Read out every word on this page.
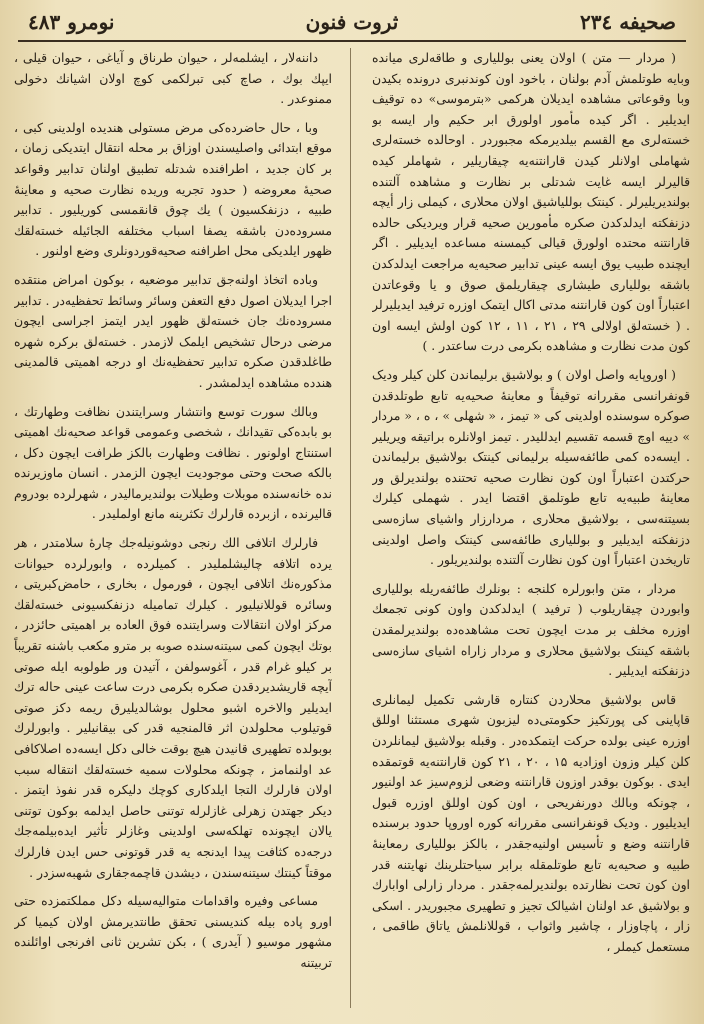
صحیفه ۲۳٤
ثروت فنون
نومرو ٤٨٣

( مردار — متن ) اولان یعنی بوللیاری و طاقه‌لری میانده وبایه طوتلمش آدم بولنان ، باخود اون کوندنبری درونده بکیدن وبا وقوعاتی مشاهده ایدیلان هرکمی «بترموسی» ده توقیف ایدیلیر . اگر کیده مأمور اولورق ابر حکیم وار ایسه بو خسته‌لری مع القسم بیلدیرمکه مجبوردر . اوحالده خسته‌لری شهاملی اولانلر کیدن قارانتنه‌یه چیقاریلیر ، شهاملر کیده قالیرلر ایسه غایت شدتلی بر نظارت و مشاهده آلتنده بولندیریلیرلر . کینتک بوللیاشیق اولان محلاری ، کیملی زار أیچه دزنفکته ایدلدکدن صکره مأمورین صحیه قرار ویردیکی حالده قارانتنه محتده اولورق قیالی کیمسنه مساعده ایدیلیر . اگر ایچنده طبیب یوق ایسه عینی تدابیر صحیه‌یه مراجعت ایدلدکدن باشقه بوللیاری طیشاری چیقاریلمق صوق و یا وقوعاتدن اعتباراً اون کون قارانتنه مدتی اکال ایتمک اوزره ترفید ایدیلیرلر . ( خسته‌لق اولالی ۲۹ ، ۲۱ ، ۱۱ ، ۱۲ کون اولش ایسه اون کون مدت نظارت و مشاهده بکرمی درت ساعتدر . )

( اوروپایه واصل اولان ) و بولاشیق برلیماندن کلن کیلر ودیک قونفرانسی مقررانه توقیفاً و معاینهٔ صحیه‌یه تابع طوتلدقدن صوکره سوسنده اولدینی کی « تیمز ، « شهلی » ، ه ، « مردار » دییه اوچ قسمه تقسیم ایدللیدر . تیمز اولانلره براتیقه ویریلیر . ایسه‌ده کمی طائفه‌سیله برلیمانی کینتک بولاشیق برلیماندن حرکتدن اعتباراً اون کون نظارت صحیه تحتنده بولندیرلق ور معاینهٔ طبیه‌یه تابع طوتلمق اقتضا ایدر . شهملی کیلرك بسیتنه‌سی ، بولاشیق محلاری ، مردارزار واشیای سازه‌سی دزنفکته ایدیلیر و بوللیاری طائفه‌سی کینتک واصل اولدینی تاریخدن اعتباراً اون کون نظارت آلتنده بولندیریلور .

مردار ، متن وابورلره کلنجه : بونلرك طائفه‌ریله بوللیاری وابوردن چیقاریلوب ( ترفید ) ایدلدکدن واون کونی تجمعك اوزره مخلف بر مدت ایچون تحت مشاهده‌ده بولندیرلمقدن باشقه کینتک بولاشیق محلاری و مردار زاراه اشیای سازه‌سی دزنفکته ایدیلیر .

قاس بولاشیق محلاردن کنتاره قارشی تکمیل لیمانلری قاپاینی کی پورتکیز حکومتی‌ده لیزبون شهری مستثنا اوللق اوزره عینی بولده حرکت ایتمکده‌در . وقبله بولاشیق لیمانلردن کلن کیلر وزون اوزادیه ۱۵ ، ۲۰ ، ۲۱ کون قارانتنه‌یه قوتمقده ایدی . بوکون بوقدر اوزون قارانتنه وضعی لزوم‌سیز عد اولنیور ، چونکه وبالك دورنفریحی ، اون کون اوللق اوزره قبول ایدیلیور . ودیک قونفرانسی مقررانه کوره اوروپا حدود برسنده قارانتنه وضع و تأسیس اولنیه‌جقدر ، بالکز بوللیاری رمعاینهٔ طبیه و صحیه‌یه تابع طوتلمقله برابر سیاحتلرینك نهایتنه قدر اون کون تحت نظارتده بولندیرلمه‌جقدر . مردار زارلی اوابارك و بولاشیق عد اولنان اشیالک تجیز و تطهیری مجبوریدر . اسکی زار ، پاچاوزار ، چاشیر واثواب ، قوللانلمش یاتاق طاقمی ، مستعمل کیملر ،

داننه‌لار ، ایشلمه‌لر ، حیوان طرناق و آیاغی ، حیوان قیلی ، ایپك بوك ، صاچ کبی تبرلکمی کوچ اولان اشیانك دخولی ممنوعدر .

وبا ، حال حاضرده‌کی مرض مستولی هندیده اولدینی کبی ، موقع ابتدائی واصلیسندن اوزاق بر محله انتقال ایتدیکی زمان ، بر کان جدید ، اطرافنده شدتله تطبیق اولنان تدابیر وقواعد صحیهٔ معروضه ( حدود تجریه وریده نظارت صحیه و معاینهٔ طبیه ، دزنفکسیون ) یك چوق قانقمسی کوریلیور . تدابیر مسروده‌دن باشقه یصفا اسباب مختلفه الجائیله خسته‌لقك ظهور ایلدیکی محل اطرافنه صحیه‌قوردونلری وضع اولنور .

وباده اتخاذ اولنه‌جق تدابیر موضعیه ، بوکون امراض منتقده اجرا ایدیلان اصول دفع التعفن وسائر وسائط تحفظیه‌در . تدابیر مسروده‌نك جان خسته‌لق ظهور ایدر ایتمز اجراسی ایچون مرضی درحال تشخیص ایلمک لازمدر . خسته‌لق برکره شهره طاغلدقدن صکره تدابیر تحفظیه‌نك او درجه اهمیتی قالمدینی هندده مشاهده ایدلمشدر .

وبالك سورت توسع وانتشار وسرایتندن نظافت وطهارتك ، بو بابده‌کی تقیدانك ، شخصی وعمومی قواعد صحیه‌نك اهمیتی استنتاج اولونور . نظافت وطهارت بالکز طرافت ایچون دکل ، بالکه صحت وحتی موجودیت ایچون الزمدر . انسان ماوزیرنده نده خانه‌سنده موبلات وطیلات بولندیرمالیدر ، شهرلرده بودروم قالیرنده ، ازبرده قارلرك تکثرینه مانع اولملیدر .

فارلرك اتلافی الك رنجی دوشونیله‌جك چارهٔ سلامتدر ، هر یرده اتلافه چالیشلملیدر . کمیلرده ، وابورلرده حیوانات مذکوره‌نك اتلافی ایچون ، فورمول ، بخاری ، حامض‌کبریتی ، وسائره قوللانیلیور . کیلرك تمامیله دزنفکسیونی خسته‌لقك مرکز اولان انتقالات وسرایتنده فوق العاده بر اهمیتی حائزدر ، بوتك ایچون کمی سیتنه‌سنده صوبه بر مترو مکعب باشنه تقریباً بر کیلو غرام قدر ، آغوسولفن ، آتیدن ور طولوبه ایله صوتی آیچه قاریشدیردقدن صکره بکرمی درت ساعت عینی حاله ترك ایدیلیر والاخره اشبو محلول بوشالدیلیرق ریمه دکز صوتی قوتیلوب محلولدن اثر قالمنجیه قدر کی بیقانیلیر . وابورلرك بوبولده تطهیری قانیدن هیچ بوقت خالی دکل ایسه‌ده اصلاکافی عد اولنمامز ، چونکه محلولات سمیه خسته‌لقك انتقاله سبب اولان فارلرك التجا ایلدکاری کوچك دلیکره قدر نفوذ ایتمز . دیکر جهتدن زهرلی غازلرله توتنی حاصل ایدلمه بوکون توتنی یالان ایچونده تهلکه‌سی اولدینی وغازلر تأثیر ایده‌بیلمه‌جك درجه‌ده کثافت پیدا ایدنجه یه قدر قوتونی حس ایدن فارلرك موقتاً کینتك سیتنه‌سندن ، دیشدن قاچمه‌جقاری شهبه‌سزدر .

مساعی وفیره واقدامات متوالیه‌سیله دکل مملکتمزده حتی اورو پاده بیله کندیسنی تحقق طانتدیرمش اولان کیمیا کر مشهور موسیو ( آیدری ) ، بکن تشرین ثانی افرنجی اوائلنده تربیتنه
